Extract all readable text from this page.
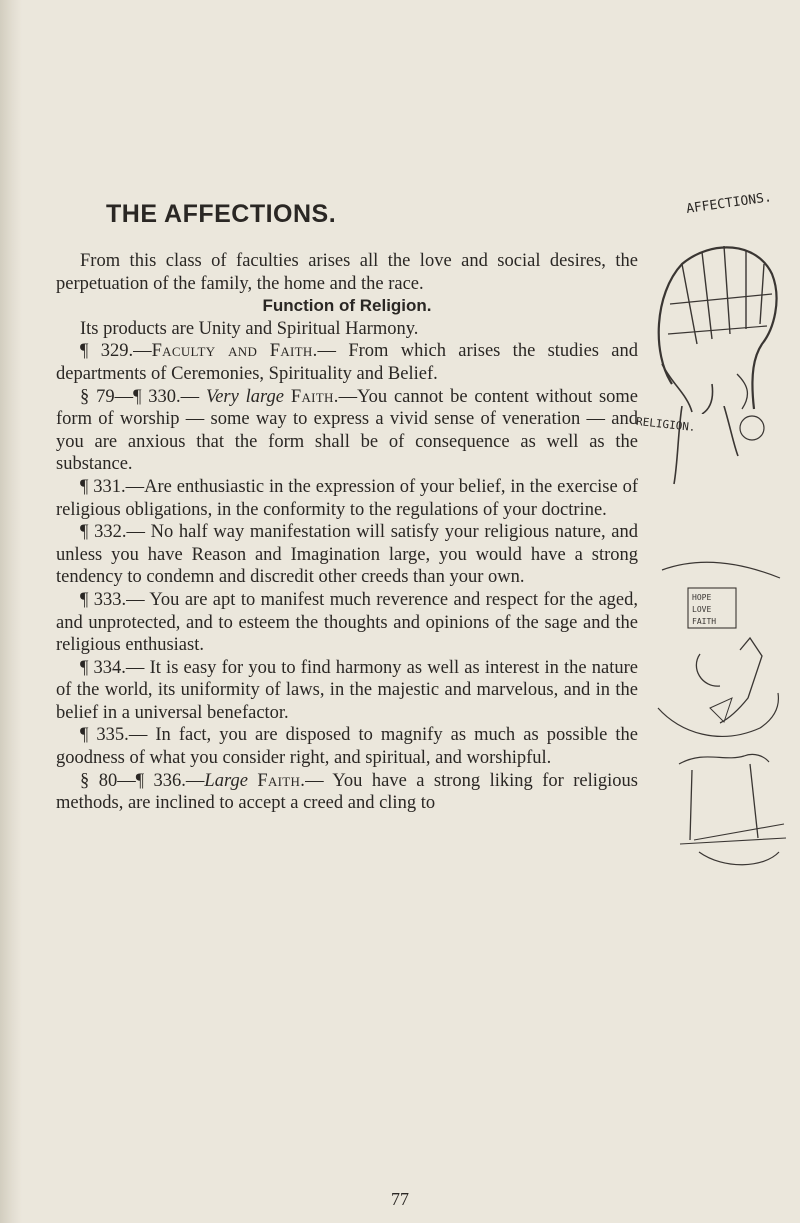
THE AFFECTIONS.	AFFECTIONS.
RELIGION.
HOPE
LOVE
FAITH

From this class of faculties arises all the love and social desires, the perpetuation of the family, the home and the race.

Function of Religion.

Its products are Unity and Spiritual Harmony.

¶ 329.—Faculty and Faith.— From which arises the studies and departments of Ceremonies, Spirituality and Belief.

§ 79—¶ 330.— Very large Faith.—You cannot be content without some form of worship — some way to express a vivid sense of veneration — and you are anxious that the form shall be of consequence as well as the substance.

¶ 331.—Are enthusiastic in the expression of your belief, in the exercise of religious obligations, in the conformity to the regulations of your doctrine.

¶ 332.— No half way manifestation will satisfy your religious nature, and unless you have Reason and Imagination large, you would have a strong tendency to condemn and discredit other creeds than your own.

¶ 333.— You are apt to manifest much reverence and respect for the aged, and unprotected, and to esteem the thoughts and opinions of the sage and the religious enthusiast.

¶ 334.— It is easy for you to find harmony as well as interest in the nature of the world, its uniformity of laws, in the majestic and marvelous, and in the belief in a universal benefactor.

¶ 335.— In fact, you are disposed to magnify as much as possible the goodness of what you consider right, and spiritual, and worshipful.

§ 80—¶ 336.—Large Faith.— You have a strong liking for religious methods, are inclined to accept a creed and cling to

77
